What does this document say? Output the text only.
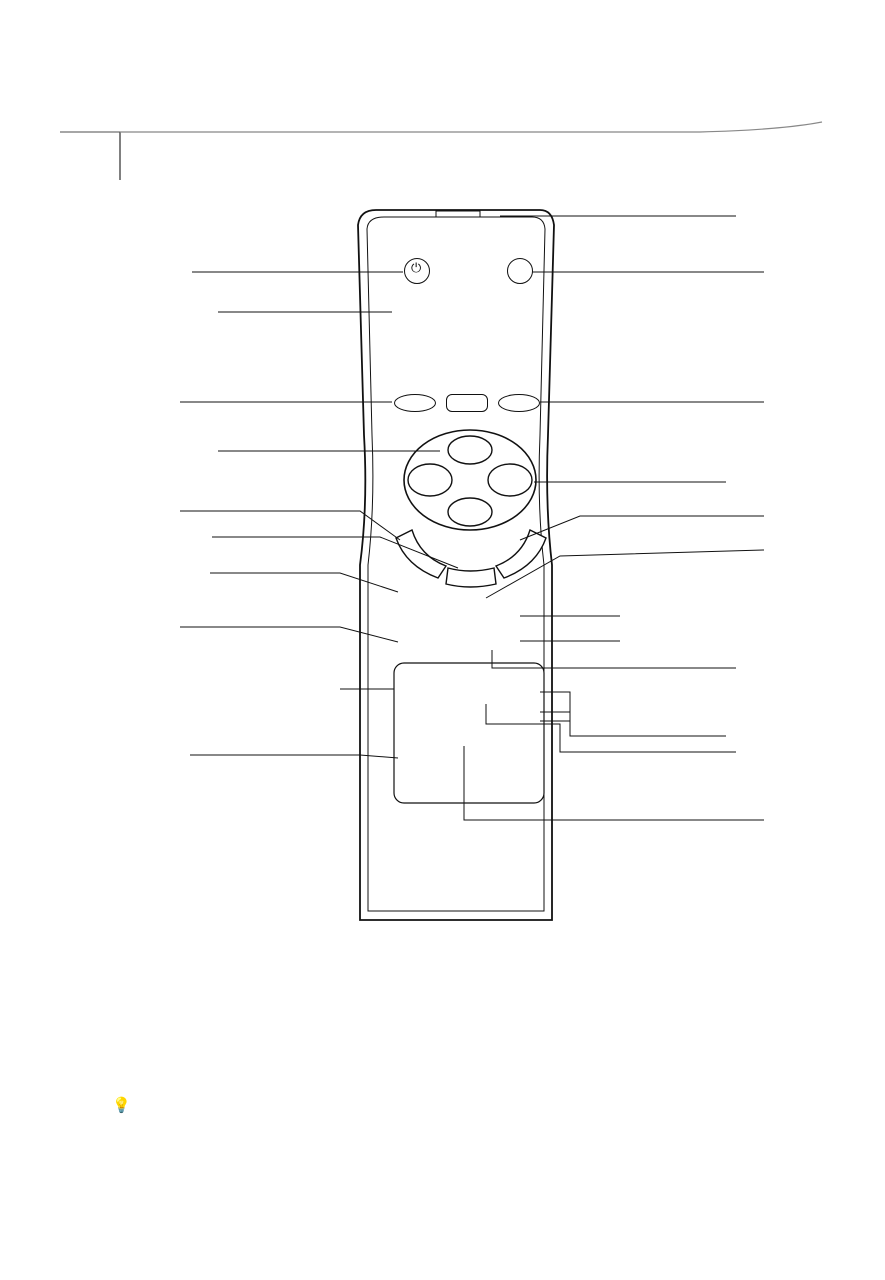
⏻
💡
